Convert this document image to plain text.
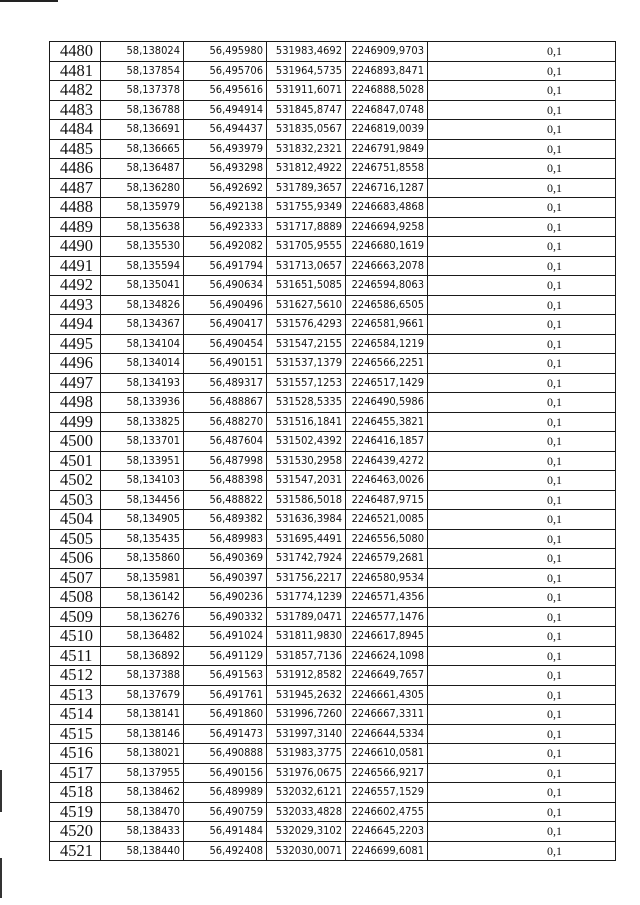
4480	58,138024	56,495980	531983,4692	2246909,9703	0,1
4481	58,137854	56,495706	531964,5735	2246893,8471	0,1
4482	58,137378	56,495616	531911,6071	2246888,5028	0,1
4483	58,136788	56,494914	531845,8747	2246847,0748	0,1
4484	58,136691	56,494437	531835,0567	2246819,0039	0,1
4485	58,136665	56,493979	531832,2321	2246791,9849	0,1
4486	58,136487	56,493298	531812,4922	2246751,8558	0,1
4487	58,136280	56,492692	531789,3657	2246716,1287	0,1
4488	58,135979	56,492138	531755,9349	2246683,4868	0,1
4489	58,135638	56,492333	531717,8889	2246694,9258	0,1
4490	58,135530	56,492082	531705,9555	2246680,1619	0,1
4491	58,135594	56,491794	531713,0657	2246663,2078	0,1
4492	58,135041	56,490634	531651,5085	2246594,8063	0,1
4493	58,134826	56,490496	531627,5610	2246586,6505	0,1
4494	58,134367	56,490417	531576,4293	2246581,9661	0,1
4495	58,134104	56,490454	531547,2155	2246584,1219	0,1
4496	58,134014	56,490151	531537,1379	2246566,2251	0,1
4497	58,134193	56,489317	531557,1253	2246517,1429	0,1
4498	58,133936	56,488867	531528,5335	2246490,5986	0,1
4499	58,133825	56,488270	531516,1841	2246455,3821	0,1
4500	58,133701	56,487604	531502,4392	2246416,1857	0,1
4501	58,133951	56,487998	531530,2958	2246439,4272	0,1
4502	58,134103	56,488398	531547,2031	2246463,0026	0,1
4503	58,134456	56,488822	531586,5018	2246487,9715	0,1
4504	58,134905	56,489382	531636,3984	2246521,0085	0,1
4505	58,135435	56,489983	531695,4491	2246556,5080	0,1
4506	58,135860	56,490369	531742,7924	2246579,2681	0,1
4507	58,135981	56,490397	531756,2217	2246580,9534	0,1
4508	58,136142	56,490236	531774,1239	2246571,4356	0,1
4509	58,136276	56,490332	531789,0471	2246577,1476	0,1
4510	58,136482	56,491024	531811,9830	2246617,8945	0,1
4511	58,136892	56,491129	531857,7136	2246624,1098	0,1
4512	58,137388	56,491563	531912,8582	2246649,7657	0,1
4513	58,137679	56,491761	531945,2632	2246661,4305	0,1
4514	58,138141	56,491860	531996,7260	2246667,3311	0,1
4515	58,138146	56,491473	531997,3140	2246644,5334	0,1
4516	58,138021	56,490888	531983,3775	2246610,0581	0,1
4517	58,137955	56,490156	531976,0675	2246566,9217	0,1
4518	58,138462	56,489989	532032,6121	2246557,1529	0,1
4519	58,138470	56,490759	532033,4828	2246602,4755	0,1
4520	58,138433	56,491484	532029,3102	2246645,2203	0,1
4521	58,138440	56,492408	532030,0071	2246699,6081	0,1
